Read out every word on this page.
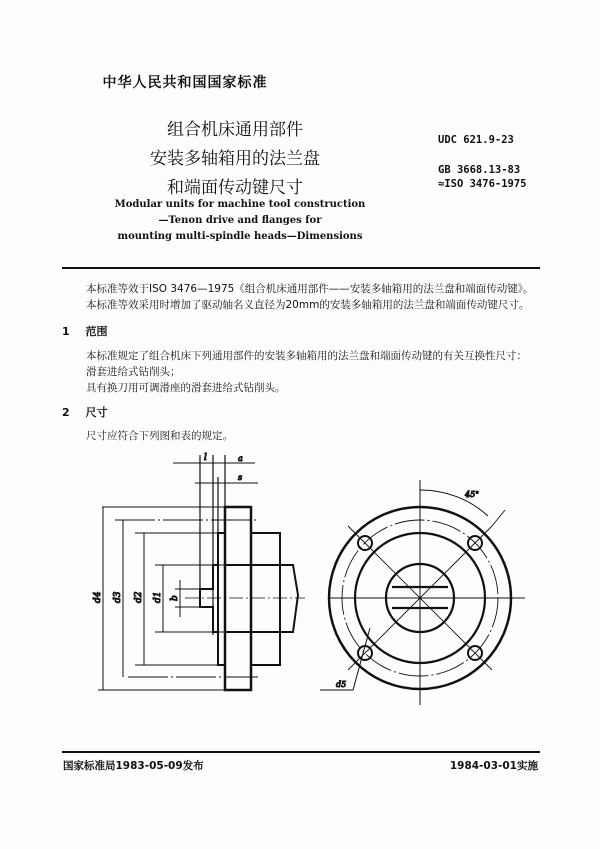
中华人民共和国国家标准
组合机床通用部件
安装多轴箱用的法兰盘
和端面传动键尺寸
UDC 621.9-23
GB 3668.13-83
≈ISO 3476-1975
Modular units for machine tool construction
—Tenon drive and flanges for
mounting multi-spindle heads—Dimensions
本标准等效于ISO 3476—1975《组合机床通用部件——安装多轴箱用的法兰盘和端面传动键》。
本标准等效采用时增加了驱动轴名义直径为20mm的安装多轴箱用的法兰盘和端面传动键尺寸。
1 范围
本标准规定了组合机床下列通用部件的安装多轴箱用的法兰盘和端面传动键的有关互换性尺寸：
滑套进给式钻削头；
具有换刀用可调滑座的滑套进给式钻削头。
2 尺寸
尺寸应符合下列图和表的规定。
l	a
s
d4 d3 d2 d1 b
45°
d5
国家标准局1983-05-09发布	1984-03-01实施
